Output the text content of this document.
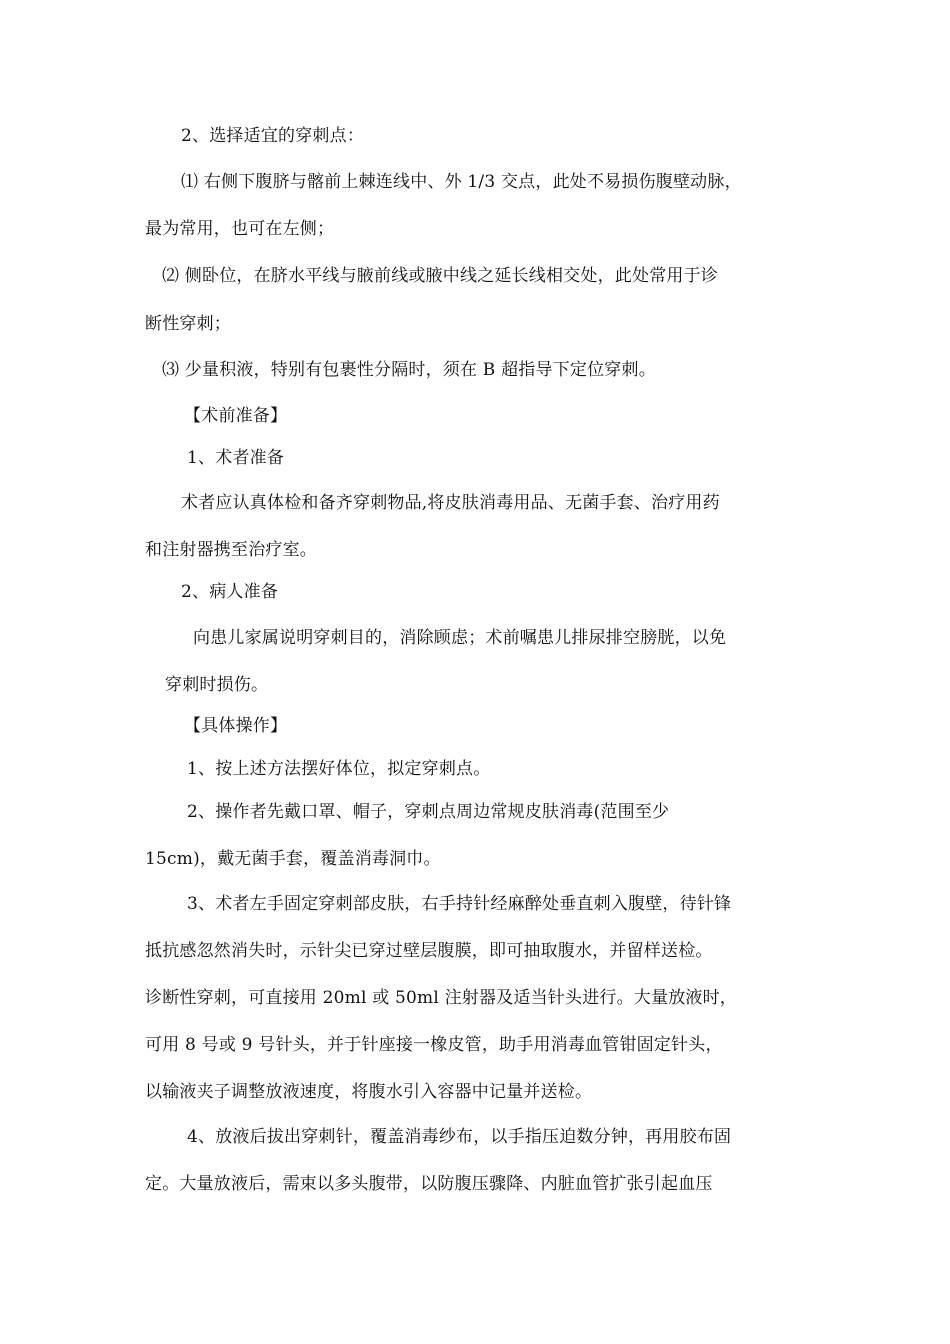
2、选择适宜的穿刺点：
⑴ 右侧下腹脐与髂前上棘连线中、外 1/3 交点，此处不易损伤腹壁动脉，
最为常用，也可在左侧；
⑵ 侧卧位，在脐水平线与腋前线或腋中线之延长线相交处，此处常用于诊
断性穿刺；
⑶ 少量积液，特别有包裹性分隔时，须在 B 超指导下定位穿刺。
【术前准备】
1、术者准备
术者应认真体检和备齐穿刺物品,将皮肤消毒用品、无菌手套、治疗用药
和注射器携至治疗室。
2、病人准备
向患儿家属说明穿刺目的，消除顾虑；术前嘱患儿排尿排空膀胱，以免
穿刺时损伤。
【具体操作】
1、按上述方法摆好体位，拟定穿刺点。
2、操作者先戴口罩、帽子，穿刺点周边常规皮肤消毒(范围至少
15cm)，戴无菌手套，覆盖消毒洞巾。
3、术者左手固定穿刺部皮肤，右手持针经麻醉处垂直刺入腹壁，待针锋
抵抗感忽然消失时，示针尖已穿过壁层腹膜，即可抽取腹水，并留样送检。
诊断性穿刺，可直接用 20ml 或 50ml 注射器及适当针头进行。大量放液时，
可用 8 号或 9 号针头，并于针座接一橡皮管，助手用消毒血管钳固定针头，
以输液夹子调整放液速度，将腹水引入容器中记量并送检。
4、放液后拔出穿刺针，覆盖消毒纱布，以手指压迫数分钟，再用胶布固
定。大量放液后，需束以多头腹带，以防腹压骤降、内脏血管扩张引起血压
